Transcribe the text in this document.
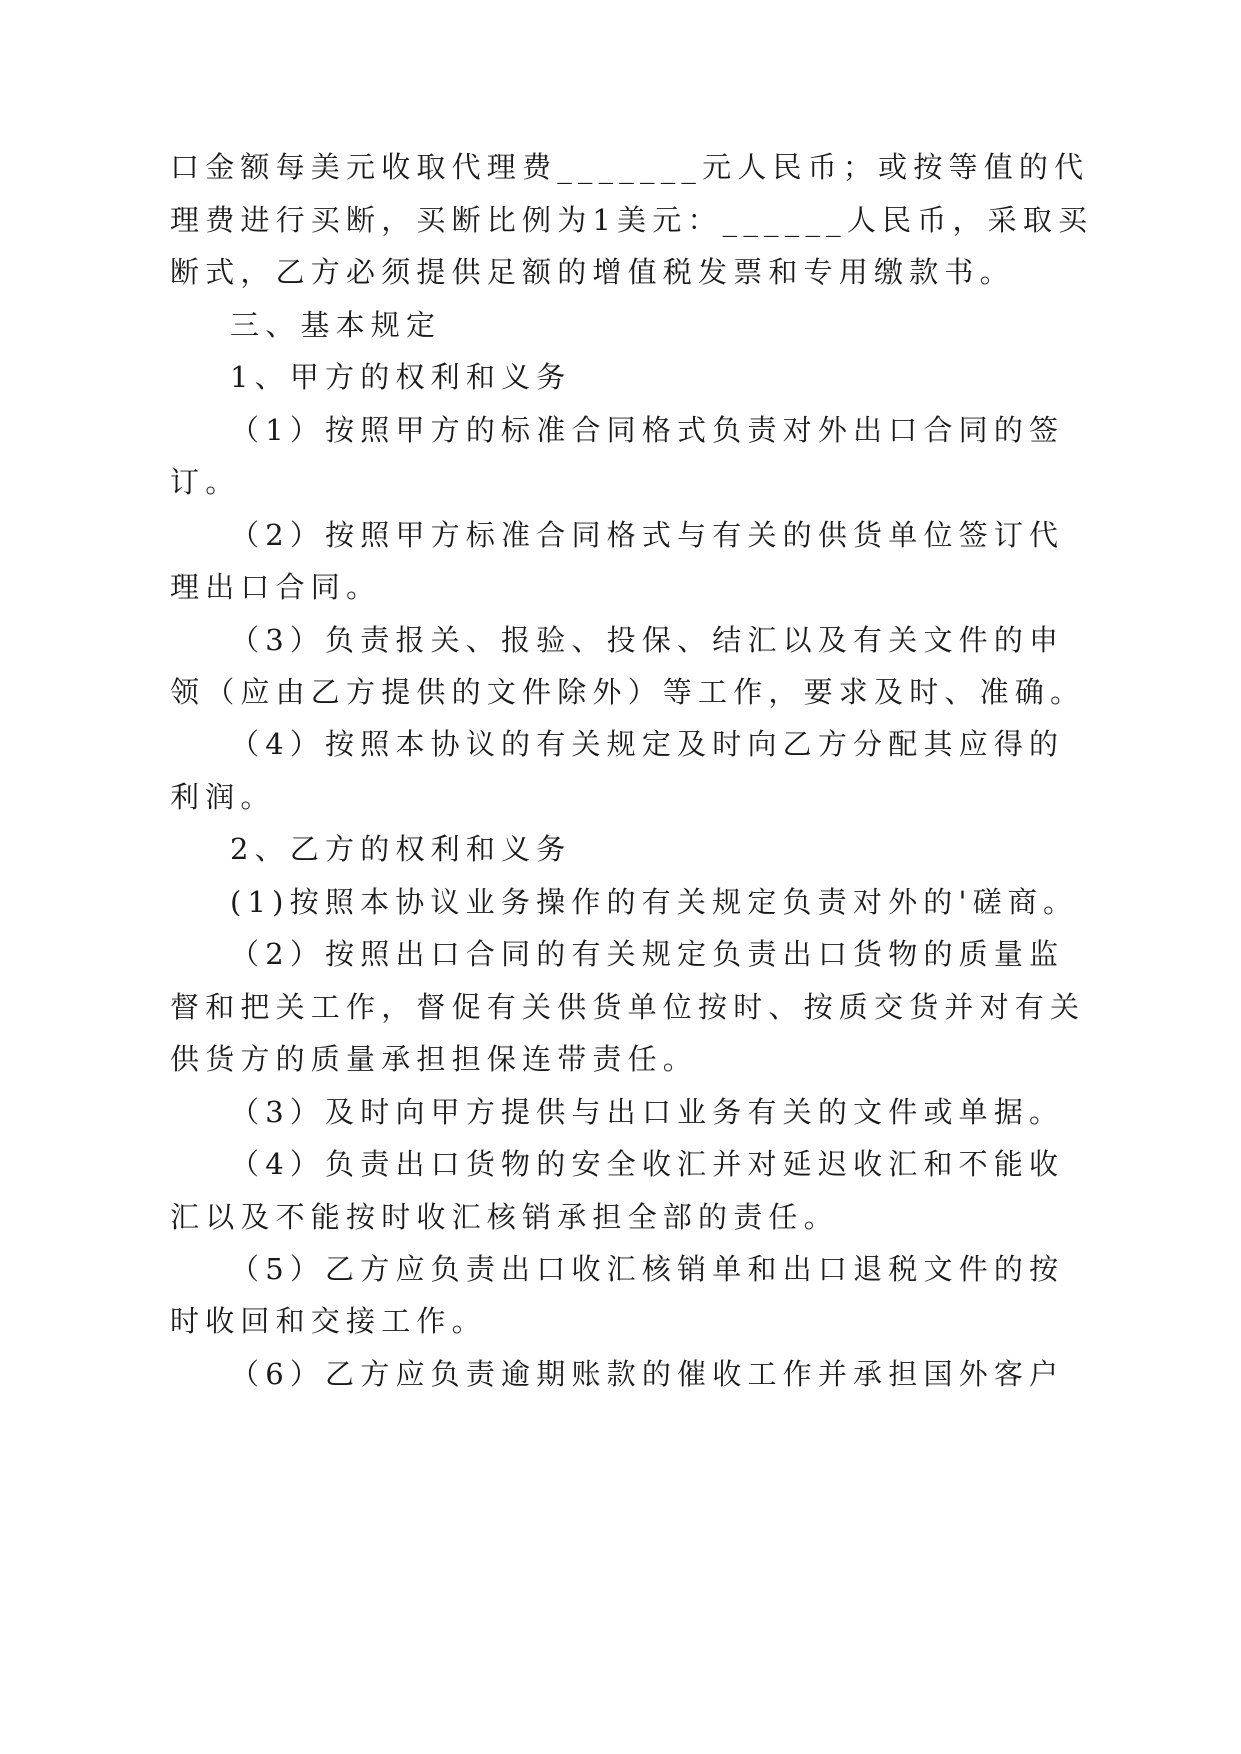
口金额每美元收取代理费_______元人民币；或按等值的代
理费进行买断，买断比例为1美元：______人民币，采取买
断式，乙方必须提供足额的增值税发票和专用缴款书。
三、基本规定
1、甲方的权利和义务
（1）按照甲方的标准合同格式负责对外出口合同的签
订。
（2）按照甲方标准合同格式与有关的供货单位签订代
理出口合同。
（3）负责报关、报验、投保、结汇以及有关文件的申
领（应由乙方提供的文件除外）等工作，要求及时、准确。
（4）按照本协议的有关规定及时向乙方分配其应得的
利润。
2、乙方的权利和义务
(1)按照本协议业务操作的有关规定负责对外的'磋商。
（2）按照出口合同的有关规定负责出口货物的质量监
督和把关工作，督促有关供货单位按时、按质交货并对有关
供货方的质量承担担保连带责任。
（3）及时向甲方提供与出口业务有关的文件或单据。
（4）负责出口货物的安全收汇并对延迟收汇和不能收
汇以及不能按时收汇核销承担全部的责任。
（5）乙方应负责出口收汇核销单和出口退税文件的按
时收回和交接工作。
（6）乙方应负责逾期账款的催收工作并承担国外客户
